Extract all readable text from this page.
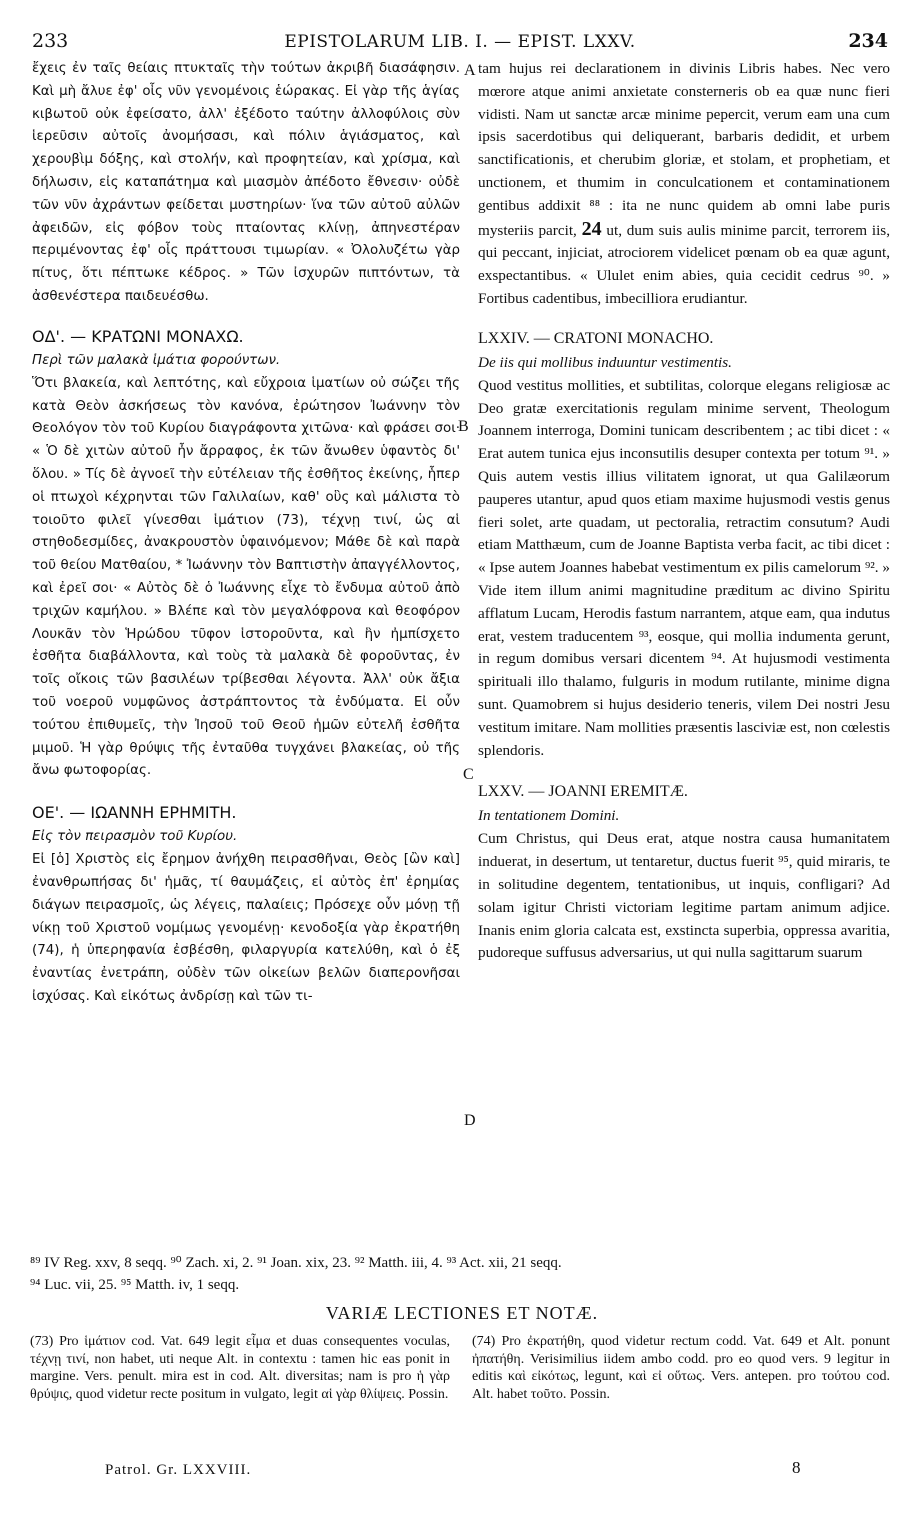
233	EPISTOLARUM LIB. I. — EPIST. LXXV.	234

ἔχεις ἐν ταῖς θείαις πτυκταῖς τὴν τούτων ἀκριβῆ διασάφησιν. Καὶ μὴ ἄλυε ἐφ' οἷς νῦν γενομένοις ἑώρακας. Εἰ γὰρ τῆς ἁγίας κιβωτοῦ οὐκ ἐφείσατο, ἀλλ' ἐξέδοτο ταύτην ἀλλοφύλοις σὺν ἱερεῦσιν αὐτοῖς ἀνομήσασι, καὶ πόλιν ἁγιάσματος, καὶ χερουβὶμ δόξης, καὶ στολήν, καὶ προφητείαν, καὶ χρίσμα, καὶ δήλωσιν, εἰς καταπάτημα καὶ μιασμὸν ἀπέδοτο ἔθνεσιν· οὐδὲ τῶν νῦν ἀχράντων φείδεται μυστηρίων· ἵνα τῶν αὐτοῦ αὐλῶν ἀφειδῶν, εἰς φόβον τοὺς πταίοντας κλίνῃ, ἀπηνεστέραν περιμένοντας ἐφ' οἷς πράττουσι τιμωρίαν. « Ὀλολυζέτω γὰρ πίτυς, ὅτι πέπτωκε κέδρος. » Τῶν ἰσχυρῶν πιπτόντων, τὰ ἀσθενέστερα παιδευέσθω.

ΟΔ'. — ΚΡΑΤΩΝΙ ΜΟΝΑΧΩ.

Περὶ τῶν μαλακὰ ἱμάτια φορούντων.

Ὅτι βλακεία, καὶ λεπτότης, καὶ εὔχροια ἱματίων οὐ σώζει τῆς κατὰ Θεὸν ἀσκήσεως τὸν κανόνα, ἐρώτησον Ἰωάννην τὸν Θεολόγον τὸν τοῦ Κυρίου διαγράφοντα χιτῶνα· καὶ φράσει σοι· « Ὁ δὲ χιτὼν αὐτοῦ ἦν ἄρραφος, ἐκ τῶν ἄνωθεν ὑφαντὸς δι' ὅλου. » Τίς δὲ ἀγνοεῖ τὴν εὐτέλειαν τῆς ἐσθῆτος ἐκείνης, ἧπερ οἱ πτωχοὶ κέχρηνται τῶν Γαλιλαίων, καθ' οὓς καὶ μάλιστα τὸ τοιοῦτο φιλεῖ γίνεσθαι ἱμάτιον (73), τέχνῃ τινί, ὡς αἱ στηθοδεσμίδες, ἀνακρουστὸν ὑφαινόμενον; Μάθε δὲ καὶ παρὰ τοῦ θείου Ματθαίου, * Ἰωάννην τὸν Βαπτιστὴν ἀπαγγέλλοντος, καὶ ἐρεῖ σοι· « Αὐτὸς δὲ ὁ Ἰωάννης εἶχε τὸ ἔνδυμα αὐτοῦ ἀπὸ τριχῶν καμήλου. » Βλέπε καὶ τὸν μεγαλόφρονα καὶ θεοφόρον Λουκᾶν τὸν Ἡρώδου τῦφον ἱστοροῦντα, καὶ ἣν ἠμπίσχετο ἐσθῆτα διαβάλλοντα, καὶ τοὺς τὰ μαλακὰ δὲ φοροῦντας, ἐν τοῖς οἴκοις τῶν βασιλέων τρίβεσθαι λέγοντα. Ἀλλ' οὐκ ἄξια τοῦ νοεροῦ νυμφῶνος ἀστράπτοντος τὰ ἐνδύματα. Εἰ οὖν τούτου ἐπιθυμεῖς, τὴν Ἰησοῦ τοῦ Θεοῦ ἡμῶν εὐτελῆ ἐσθῆτα μιμοῦ. Ἡ γὰρ θρύψις τῆς ἐνταῦθα τυγχάνει βλακείας, οὐ τῆς ἄνω φωτοφορίας.

ΟΕ'. — ΙΩΑΝΝΗ ΕΡΗΜΙΤΗ.

Εἰς τὸν πειρασμὸν τοῦ Κυρίου.

Εἰ [ὁ] Χριστὸς εἰς ἔρημον ἀνήχθη πειρασθῆναι, Θεὸς [ὢν καὶ] ἐνανθρωπήσας δι' ἡμᾶς, τί θαυμάζεις, εἰ αὐτὸς ἐπ' ἐρημίας διάγων πειρασμοῖς, ὡς λέγεις, παλαίεις; Πρόσεχε οὖν μόνῃ τῇ νίκῃ τοῦ Χριστοῦ νομίμως γενομένῃ· κενοδοξία γὰρ ἐκρατήθη (74), ἡ ὑπερηφανία ἐσβέσθη, φιλαργυρία κατελύθη, καὶ ὁ ἐξ ἐναντίας ἐνετράπη, οὐδὲν τῶν οἰκείων βελῶν διαπερονῆσαι ἰσχύσας. Καὶ εἰκότως ἀνδρίσῃ καὶ τῶν τι-

tam hujus rei declarationem in divinis Libris habes. Nec vero mœrore atque animi anxietate consterneris ob ea quæ nunc fieri vidisti. Nam ut sanctæ arcæ minime pepercit, verum eam una cum ipsis sacerdotibus qui deliquerant, barbaris dedidit, et urbem sanctificationis, et cherubim gloriæ, et stolam, et prophetiam, et unctionem, et thumim in conculcationem et contaminationem gentibus addixit ⁸⁸ : ita ne nunc quidem ab omni labe puris mysteriis parcit, 24 ut, dum suis aulis minime parcit, terrorem iis, qui peccant, injiciat, atrociorem videlicet pœnam ob ea quæ agunt, exspectantibus. « Ululet enim abies, quia cecidit cedrus ⁹⁰. » Fortibus cadentibus, imbecilliora erudiantur.

LXXIV. — CRATONI MONACHO.

De iis qui mollibus induuntur vestimentis.

Quod vestitus mollities, et subtilitas, colorque elegans religiosæ ac Deo gratæ exercitationis regulam minime servent, Theologum Joannem interroga, Domini tunicam describentem ; ac tibi dicet : « Erat autem tunica ejus inconsutilis desuper contexta per totum ⁹¹. » Quis autem vestis illius vilitatem ignorat, ut qua Galilæorum pauperes utantur, apud quos etiam maxime hujusmodi vestis genus fieri solet, arte quadam, ut pectoralia, retractim consutum? Audi etiam Matthæum, cum de Joanne Baptista verba facit, ac tibi dicet : « Ipse autem Joannes habebat vestimentum ex pilis camelorum ⁹². » Vide item illum animi magnitudine præditum ac divino Spiritu afflatum Lucam, Herodis fastum narrantem, atque eam, qua indutus erat, vestem traducentem ⁹³, eosque, qui mollia indumenta gerunt, in regum domibus versari dicentem ⁹⁴. At hujusmodi vestimenta spirituali illo thalamo, fulguris in modum rutilante, minime digna sunt. Quamobrem si hujus desiderio teneris, vilem Dei nostri Jesu vestitum imitare. Nam mollities præsentis lasciviæ est, non cœlestis splendoris.

LXXV. — JOANNI EREMITÆ.

In tentationem Domini.

Cum Christus, qui Deus erat, atque nostra causa humanitatem induerat, in desertum, ut tentaretur, ductus fuerit ⁹⁵, quid miraris, te in solitudine degentem, tentationibus, ut inquis, confligari? Ad solam igitur Christi victoriam legitime partam animum adjice. Inanis enim gloria calcata est, exstincta superbia, oppressa avaritia, pudoreque suffusus adversarius, ut qui nulla sagittarum suarum

A
B
C
D
⁸⁹ IV Reg. xxv, 8 seqq. ⁹⁰ Zach. xi, 2. ⁹¹ Joan. xix, 23. ⁹² Matth. iii, 4. ⁹³ Act. xii, 21 seqq.
⁹⁴ Luc. vii, 25. ⁹⁵ Matth. iv, 1 seqq.
VARIÆ LECTIONES ET NOTÆ.

(73) Pro ἱμάτιον cod. Vat. 649 legit εἶμα et duas consequentes voculas, τέχνῃ τινί, non habet, uti neque Alt. in contextu : tamen hic eas ponit in margine. Vers. penult. mira est in cod. Alt. diversitas; nam is pro ἡ γὰρ θρύψις, quod videtur recte positum in vulgato, legit αἱ γὰρ θλίψεις. Possin.

(74) Pro ἐκρατήθη, quod videtur rectum codd. Vat. 649 et Alt. ponunt ἠπατήθη. Verisimilius iidem ambo codd. pro eo quod vers. 9 legitur in editis καὶ εἰκότως, legunt, καὶ εἰ οὕτως. Vers. antepen. pro τούτου cod. Alt. habet τοῦτο. Possin.

Patrol. Gr. LXXVIII.	8
